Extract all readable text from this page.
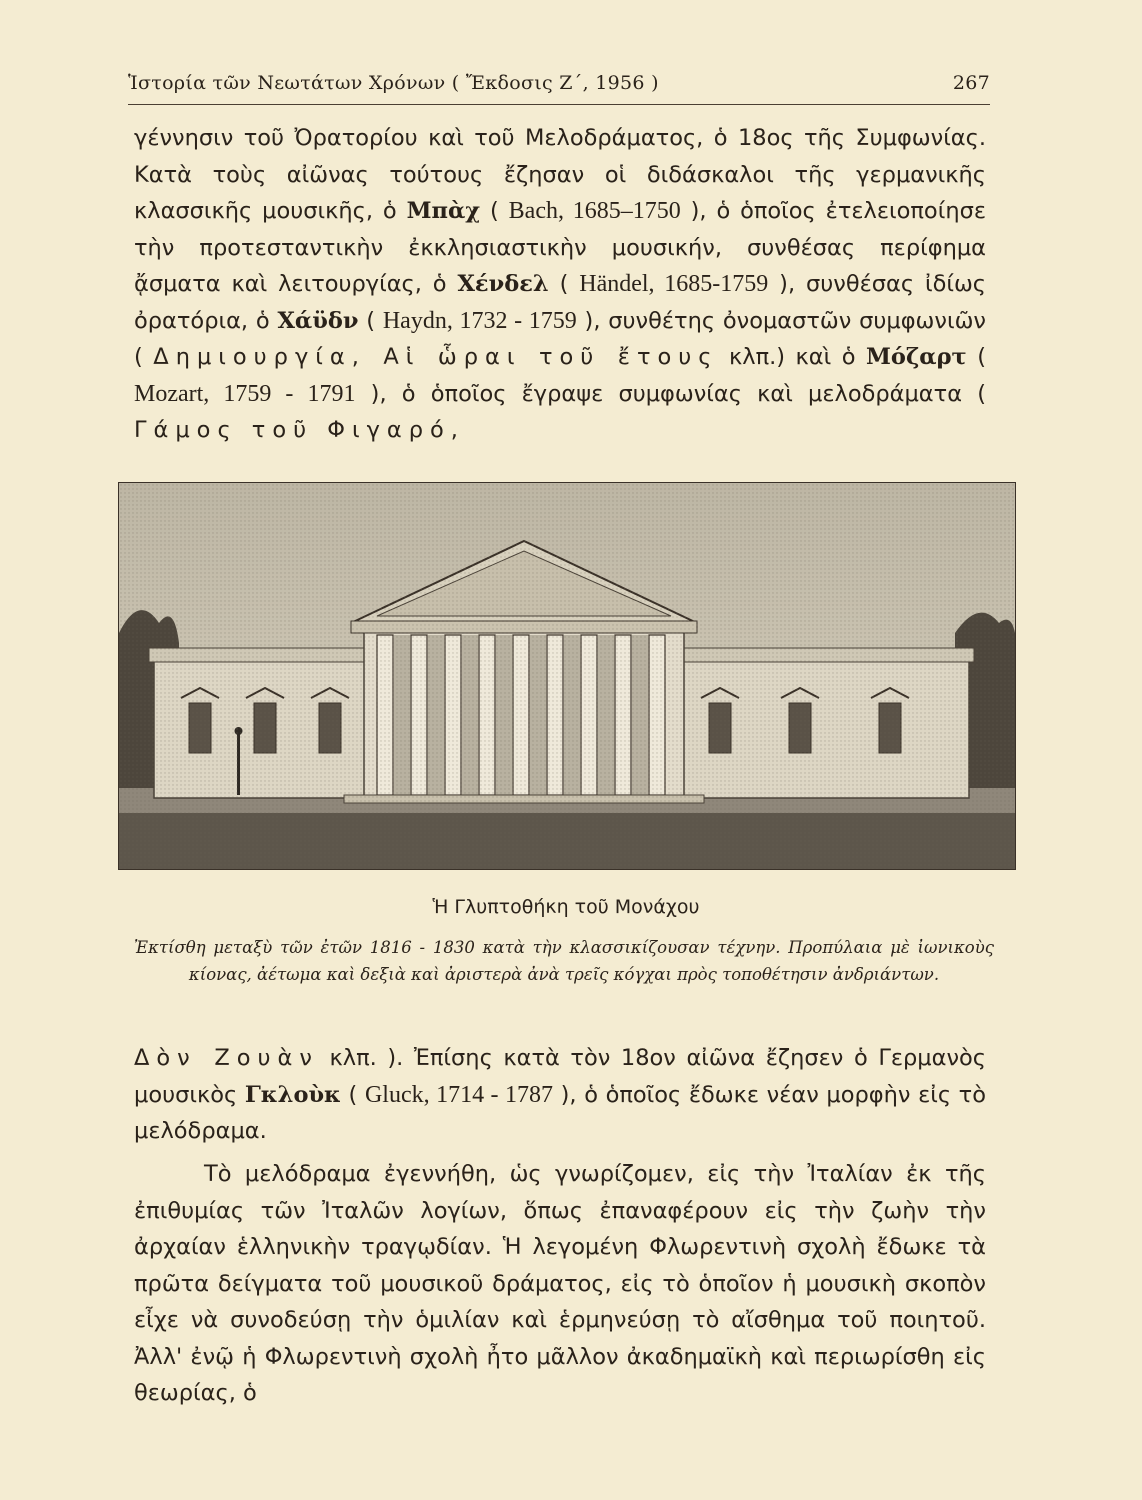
Ἱστορία τῶν Νεωτάτων Χρόνων ( Ἔκδοσις Ζ΄, 1956 )	267

γέννησιν τοῦ Ὀρατορίου καὶ τοῦ Μελοδράματος, ὁ 18ος τῆς Συμφωνίας. Κατὰ τοὺς αἰῶνας τούτους ἔζησαν οἱ διδάσκαλοι τῆς γερμανικῆς κλασσικῆς μουσικῆς, ὁ Μπὰχ ( Bach, 1685–1750 ), ὁ ὁποῖος ἐτελειοποίησε τὴν προτεσταντικὴν ἐκκλησιαστικὴν μουσικήν, συνθέσας περίφημα ᾄσματα καὶ λειτουργίας, ὁ Χένδελ ( Händel, 1685-1759 ), συνθέσας ἰδίως ὀρατόρια, ὁ Χάϋδν ( Haydn, 1732 - 1759 ), συνθέτης ὀνομαστῶν συμφωνιῶν ( Δημιουργία, Αἱ ὧραι τοῦ ἔτους κλπ.) καὶ ὁ Μόζαρτ ( Mozart, 1759 - 1791 ), ὁ ὁποῖος ἔγραψε συμφωνίας καὶ μελοδράματα ( Γάμος τοῦ Φιγαρό,

Ἡ Γλυπτοθήκη τοῦ Μονάχου
Ἐκτίσθη μεταξὺ τῶν ἐτῶν 1816 - 1830 κατὰ τὴν κλασσικίζουσαν τέχνην. Προπύλαια μὲ ἰωνικοὺς κίονας, ἀέτωμα καὶ δεξιὰ καὶ ἀριστερὰ ἀνὰ τρεῖς κόγχαι πρὸς τοποθέτησιν ἀνδριάντων.

Δὸν Ζουὰν κλπ. ). Ἐπίσης κατὰ τὸν 18ον αἰῶνα ἔζησεν ὁ Γερμανὸς μουσικὸς Γκλοὺκ ( Gluck, 1714 - 1787 ), ὁ ὁποῖος ἔδωκε νέαν μορφὴν εἰς τὸ μελόδραμα.

Τὸ μελόδραμα ἐγεννήθη, ὡς γνωρίζομεν, εἰς τὴν Ἰταλίαν ἐκ τῆς ἐπιθυμίας τῶν Ἰταλῶν λογίων, ὅπως ἐπαναφέρουν εἰς τὴν ζωὴν τὴν ἀρχαίαν ἑλληνικὴν τραγῳδίαν. Ἡ λεγομένη Φλωρεντινὴ σχολὴ ἔδωκε τὰ πρῶτα δείγματα τοῦ μουσικοῦ δράματος, εἰς τὸ ὁποῖον ἡ μουσικὴ σκοπὸν εἶχε νὰ συνοδεύσῃ τὴν ὁμιλίαν καὶ ἑρμηνεύσῃ τὸ αἴσθημα τοῦ ποιητοῦ. Ἀλλ' ἐνῷ ἡ Φλωρεντινὴ σχολὴ ἦτο μᾶλλον ἀκαδημαϊκὴ καὶ περιωρίσθη εἰς θεωρίας, ὁ
